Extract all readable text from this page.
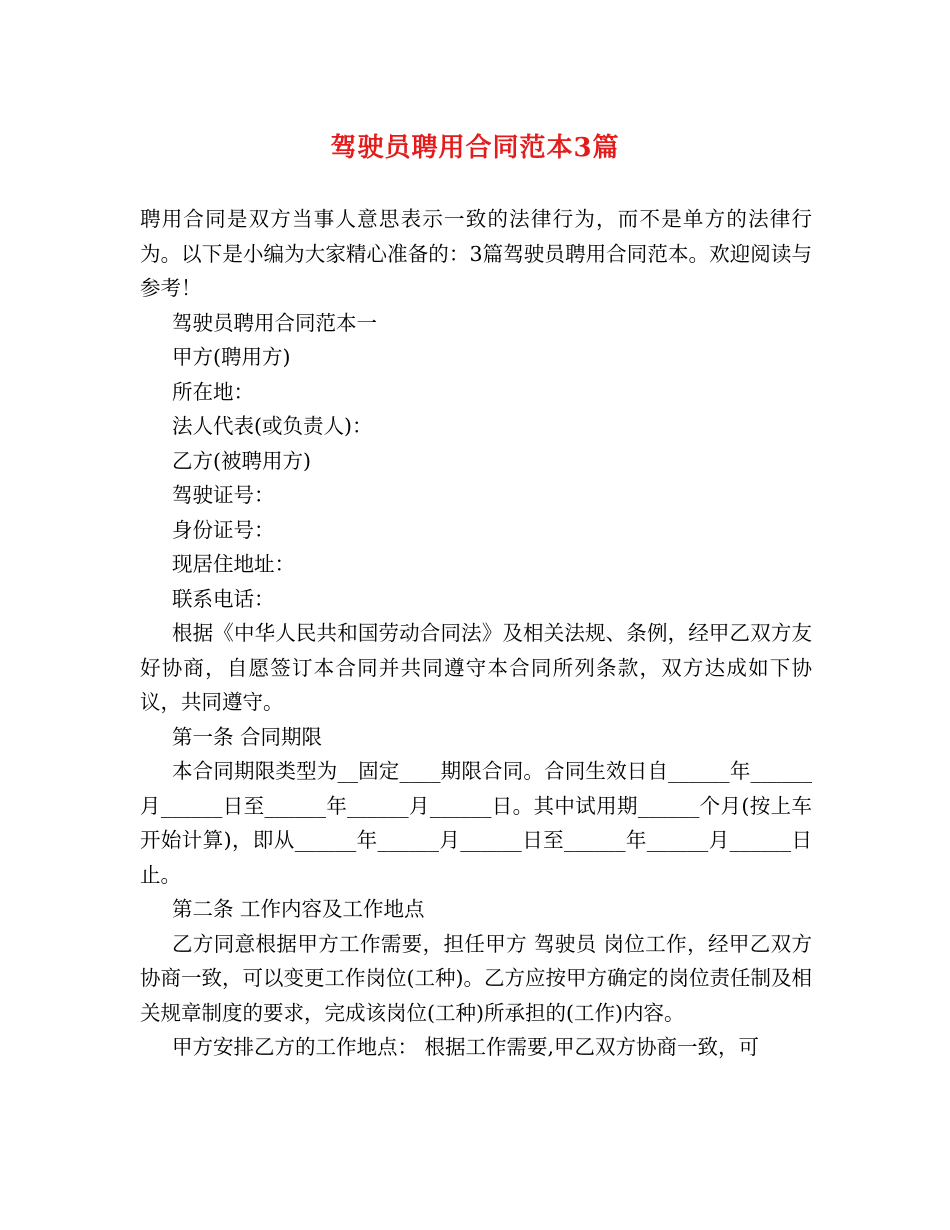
驾驶员聘用合同范本3篇

聘用合同是双方当事人意思表示一致的法律行为，而不是单方的法律行为。以下是小编为大家精心准备的：3篇驾驶员聘用合同范本。欢迎阅读与参考！

驾驶员聘用合同范本一

甲方(聘用方)

所在地：

法人代表(或负责人)：

乙方(被聘用方)

驾驶证号：

身份证号：

现居住地址：

联系电话：

根据《中华人民共和国劳动合同法》及相关法规、条例，经甲乙双方友好协商，自愿签订本合同并共同遵守本合同所列条款，双方达成如下协议，共同遵守。

第一条 合同期限

本合同期限类型为__固定____期限合同。合同生效日自______年______月______日至______年______月______日。其中试用期______个月(按上车开始计算)，即从______年______月______日至______年______月______日止。

第二条 工作内容及工作地点

乙方同意根据甲方工作需要，担任甲方 驾驶员 岗位工作，经甲乙双方协商一致，可以变更工作岗位(工种)。乙方应按甲方确定的岗位责任制及相关规章制度的要求，完成该岗位(工种)所承担的(工作)内容。

甲方安排乙方的工作地点： 根据工作需要,甲乙双方协商一致，可
